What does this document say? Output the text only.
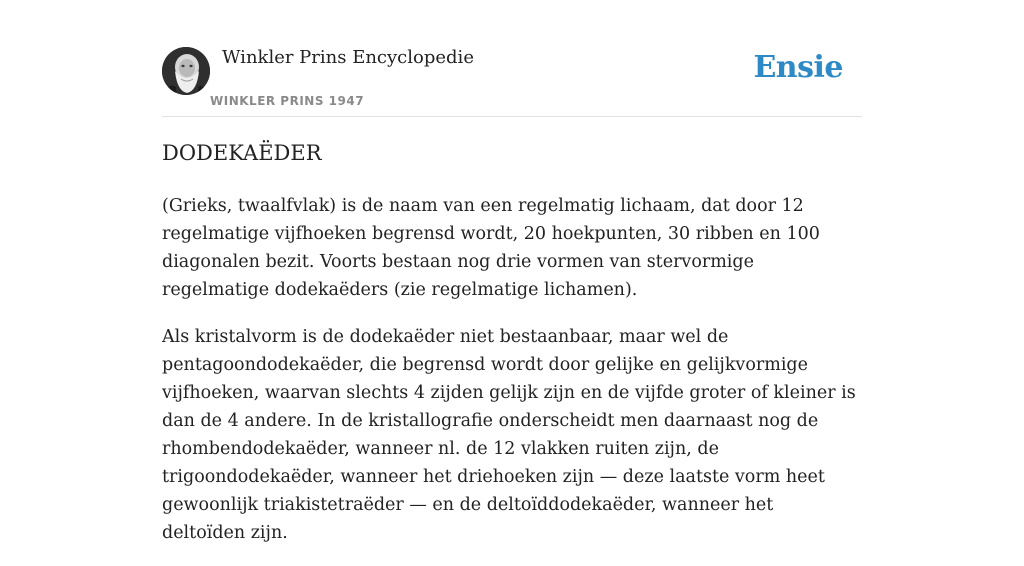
Winkler Prins Encyclopedie
WINKLER PRINS 1947
Ensie
DODEKAËDER

(Grieks, twaalfvlak) is de naam van een regelmatig lichaam, dat door 12 regelmatige vijfhoeken begrensd wordt, 20 hoekpunten, 30 ribben en 100 diagonalen bezit. Voorts bestaan nog drie vormen van stervormige regelmatige dodekaëders (zie regelmatige lichamen).

Als kristalvorm is de dodekaëder niet bestaanbaar, maar wel de pentagoondodekaëder, die begrensd wordt door gelijke en gelijkvormige vijfhoeken, waarvan slechts 4 zijden gelijk zijn en de vijfde groter of kleiner is dan de 4 andere. In de kristallografie onderscheidt men daarnaast nog de rhombendodekaëder, wanneer nl. de 12 vlakken ruiten zijn, de trigoondodekaëder, wanneer het driehoeken zijn — deze laatste vorm heet gewoonlijk triakistetraëder — en de deltoïddodekaëder, wanneer het deltoïden zijn.
